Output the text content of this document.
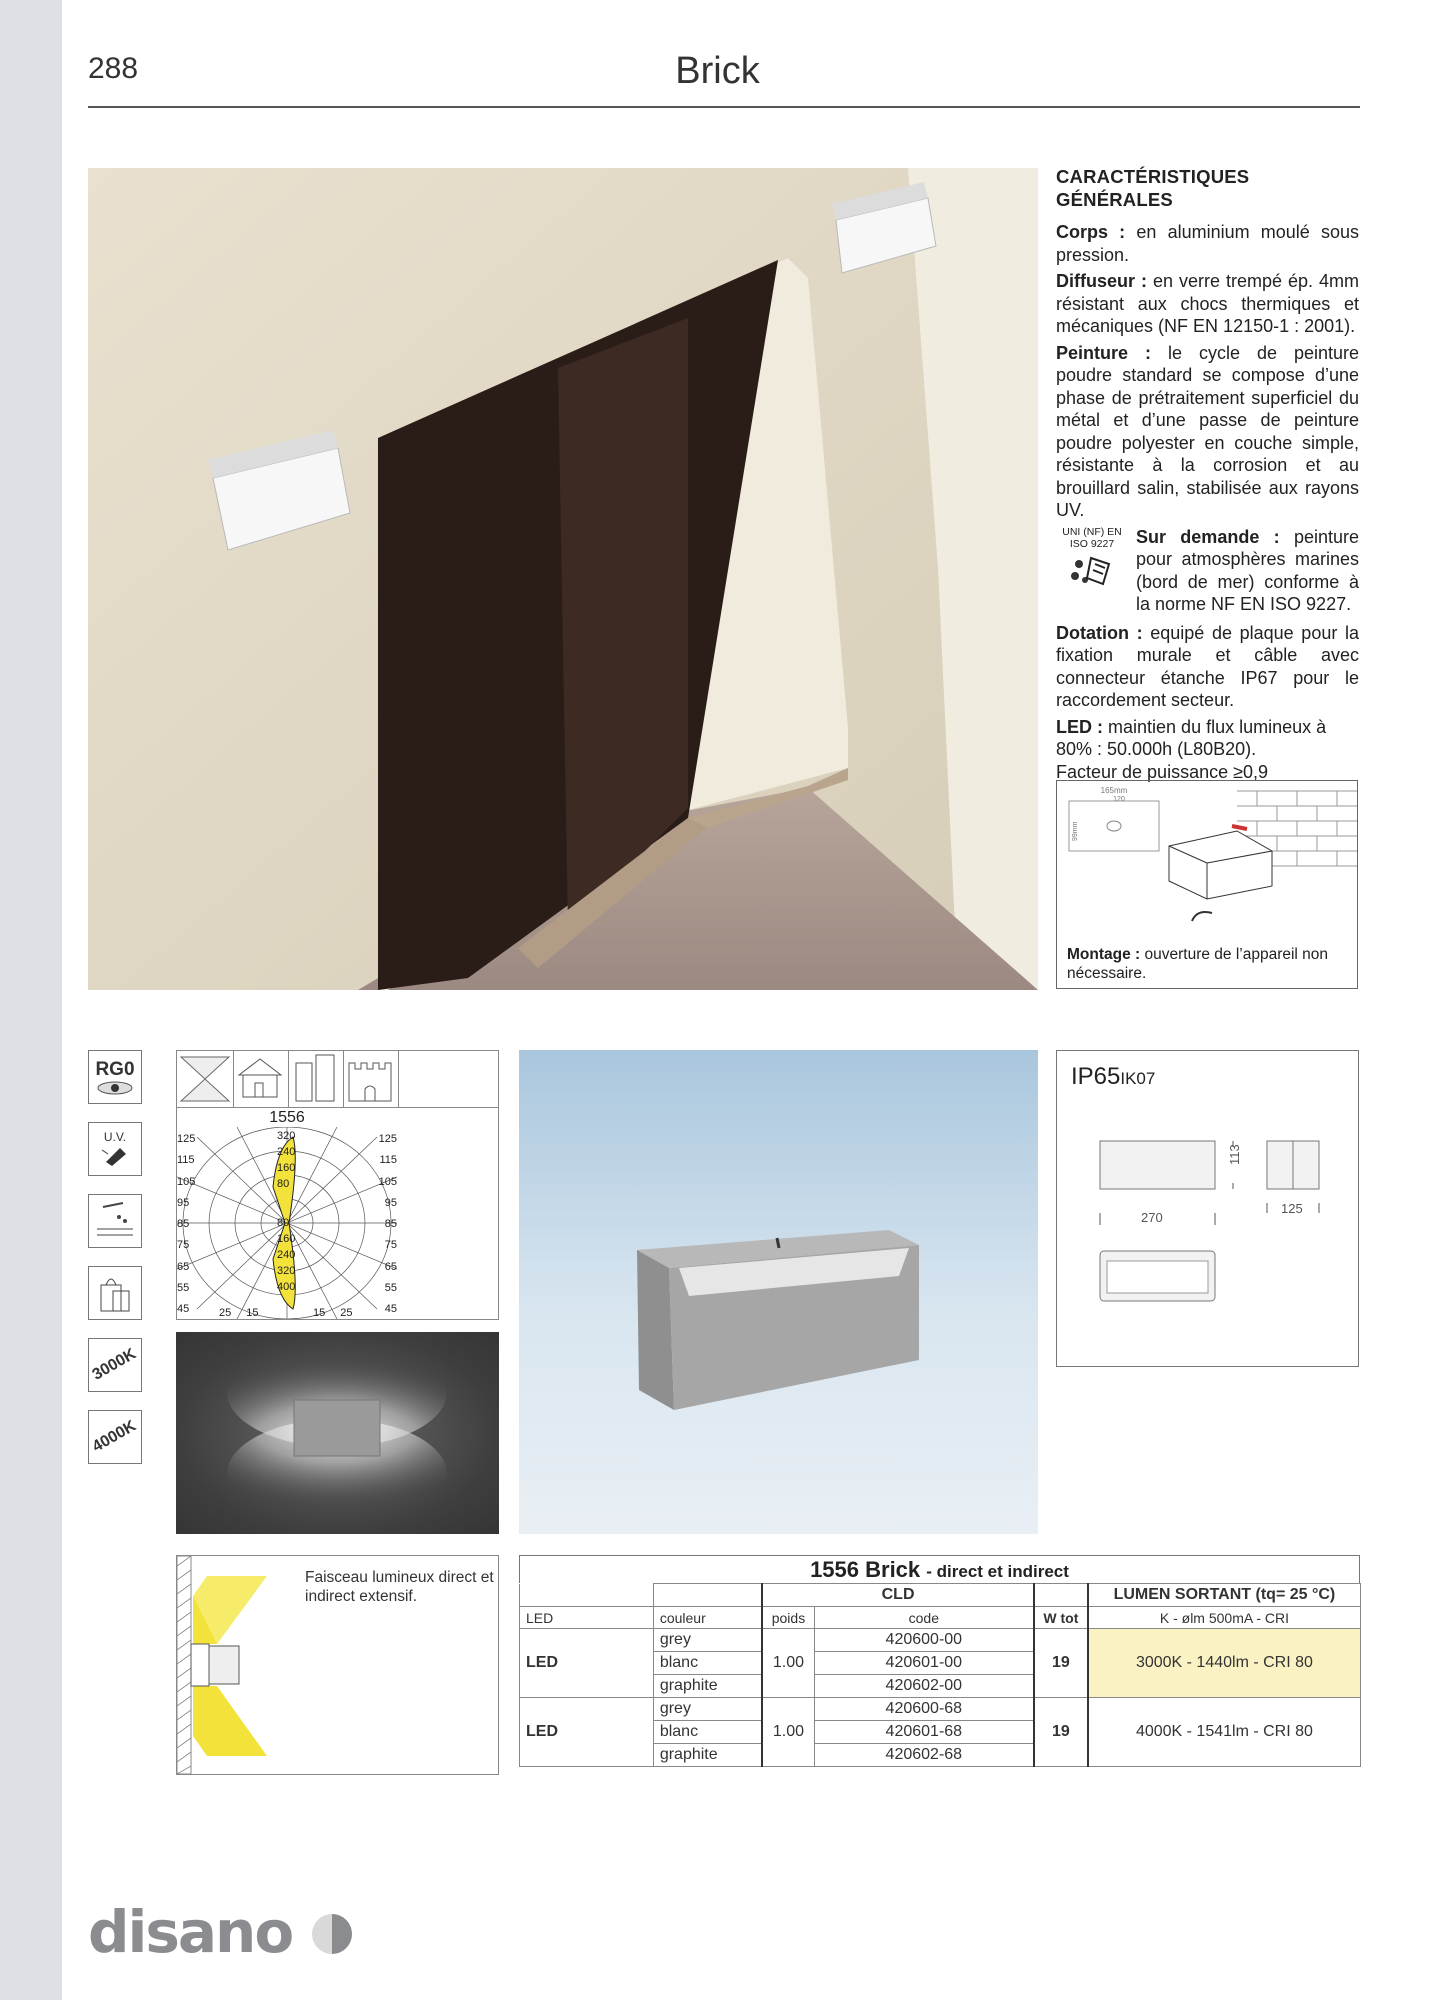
288	Brick
CARACTÉRISTIQUES GÉNÉRALES

Corps : en aluminium moulé sous pression.

Diffuseur : en verre trempé ép. 4mm résistant aux chocs thermiques et mécaniques (NF EN 12150-1 : 2001).

Peinture : le cycle de peinture poudre standard se compose d’une phase de prétraitement superficiel du métal et d’une passe de peinture poudre polyester en couche simple, résistante à la corrosion et au brouillard salin, stabilisée aux rayons UV.

UNI (NF) EN ISO 9227	Sur demande : peinture pour atmosphères marines (bord de mer) conforme à la norme NF EN ISO 9227.

Dotation : equipé de plaque pour la fixation murale et câble avec connecteur étanche IP67 pour le raccordement secteur.

LED : maintien du flux lumineux à 80% : 50.000h (L80B20).
Facteur de puissance ≥0,9

165mm
120
99mm
Montage : ouverture de l’appareil non nécessaire.
RG0
U.V.
3000K
4000K
1556
125
115
105
95
85
75
65
55
45
125
115
105
95
85
75
65
55
45
320
240
160
80
80
160
240
320
400
25 15	15 25
IP65IK07
270
113
125
Faisceau lumineux direct et indirect extensif.
1556 Brick - direct et indirect
		CLD			LUMEN SORTANT (tq= 25 °C)
LED	couleur	poids	code	W tot	K - ølm 500mA - CRI
LED	grey	1.00	420600-00	19	3000K - 1440lm - CRI 80
	blanc		420601-00		
	graphite		420602-00		
LED	grey	1.00	420600-68	19	4000K - 1541lm - CRI 80
	blanc		420601-68		
	graphite		420602-68		
disano
